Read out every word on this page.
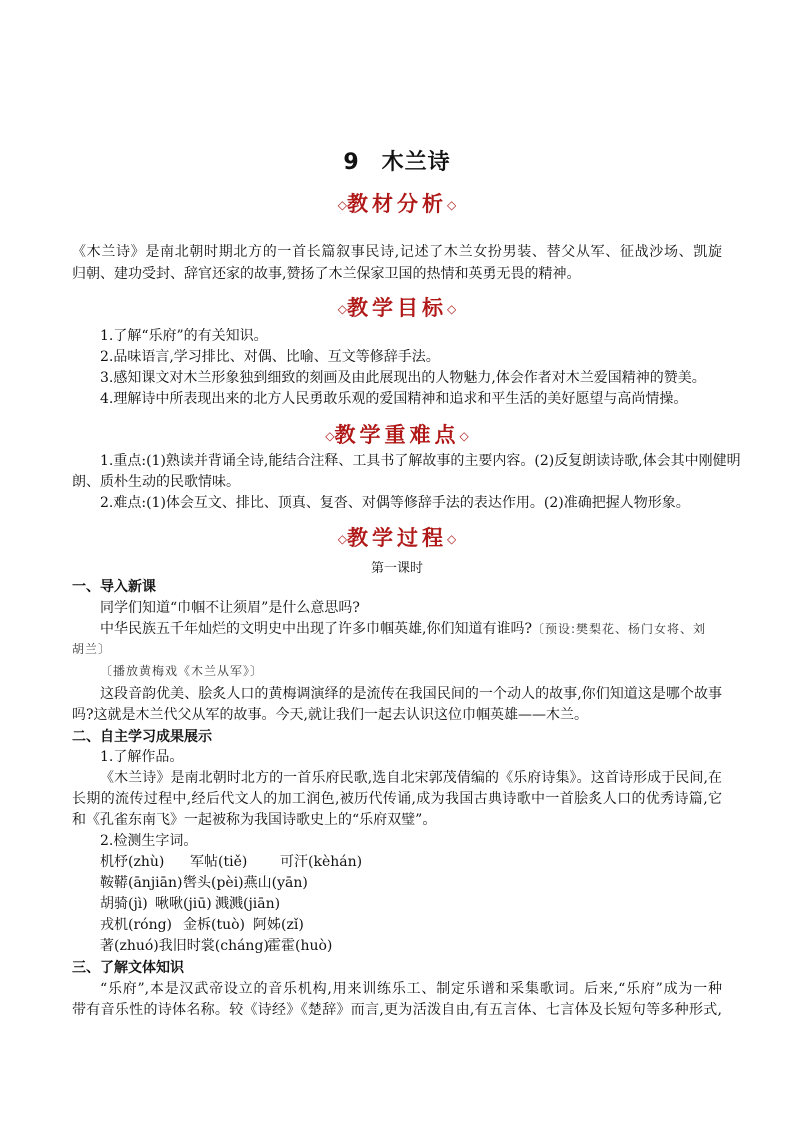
9 木兰诗
◇教材分析◇
《木兰诗》是南北朝时期北方的一首长篇叙事民诗,记述了木兰女扮男装、替父从军、征战沙场、凯旋
归朝、建功受封、辞官还家的故事,赞扬了木兰保家卫国的热情和英勇无畏的精神。
◇教学目标◇
1.了解“乐府”的有关知识。
2.品味语言,学习排比、对偶、比喻、互文等修辞手法。
3.感知课文对木兰形象独到细致的刻画及由此展现出的人物魅力,体会作者对木兰爱国精神的赞美。
4.理解诗中所表现出来的北方人民勇敢乐观的爱国精神和追求和平生活的美好愿望与高尚情操。
◇教学重难点◇
1.重点:(1)熟读并背诵全诗,能结合注释、工具书了解故事的主要内容。(2)反复朗读诗歌,体会其中刚健明
朗、质朴生动的民歌情味。
2.难点:(1)体会互文、排比、顶真、复沓、对偶等修辞手法的表达作用。(2)准确把握人物形象。
◇教学过程◇
第一课时
一、导入新课
同学们知道“巾帼不让须眉”是什么意思吗?
中华民族五千年灿烂的文明史中出现了许多巾帼英雄,你们知道有谁吗?〔预设:樊梨花、杨门女将、刘
胡兰〕
〔播放黄梅戏《木兰从军》〕
这段音韵优美、脍炙人口的黄梅调演绎的是流传在我国民间的一个动人的故事,你们知道这是哪个故事
吗?这就是木兰代父从军的故事。今天,就让我们一起去认识这位巾帼英雄——木兰。
二、自主学习成果展示
1.了解作品。
《木兰诗》是南北朝时北方的一首乐府民歌,选自北宋郭茂倩编的《乐府诗集》。这首诗形成于民间,在
长期的流传过程中,经后代文人的加工润色,被历代传诵,成为我国古典诗歌中一首脍炙人口的优秀诗篇,它
和《孔雀东南飞》一起被称为我国诗歌史上的“乐府双璧”。
2.检测生字词。
机杼(zhù) 军帖(tiě) 可汗(kèhán)
鞍鞯(ānjiān) 辔头(pèi)燕山(yān)
胡骑(jì) 啾啾(jiū) 溅溅(jiān)
戎机(róng) 金柝(tuò) 阿姊(zǐ)
著(zhuó)我旧时裳(cháng)
霍霍(huò)
三、了解文体知识
“乐府”,本是汉武帝设立的音乐机构,用来训练乐工、制定乐谱和采集歌词。后来,“乐府”成为一种
带有音乐性的诗体名称。较《诗经》《楚辞》而言,更为活泼自由,有五言体、七言体及长短句等多种形式,
